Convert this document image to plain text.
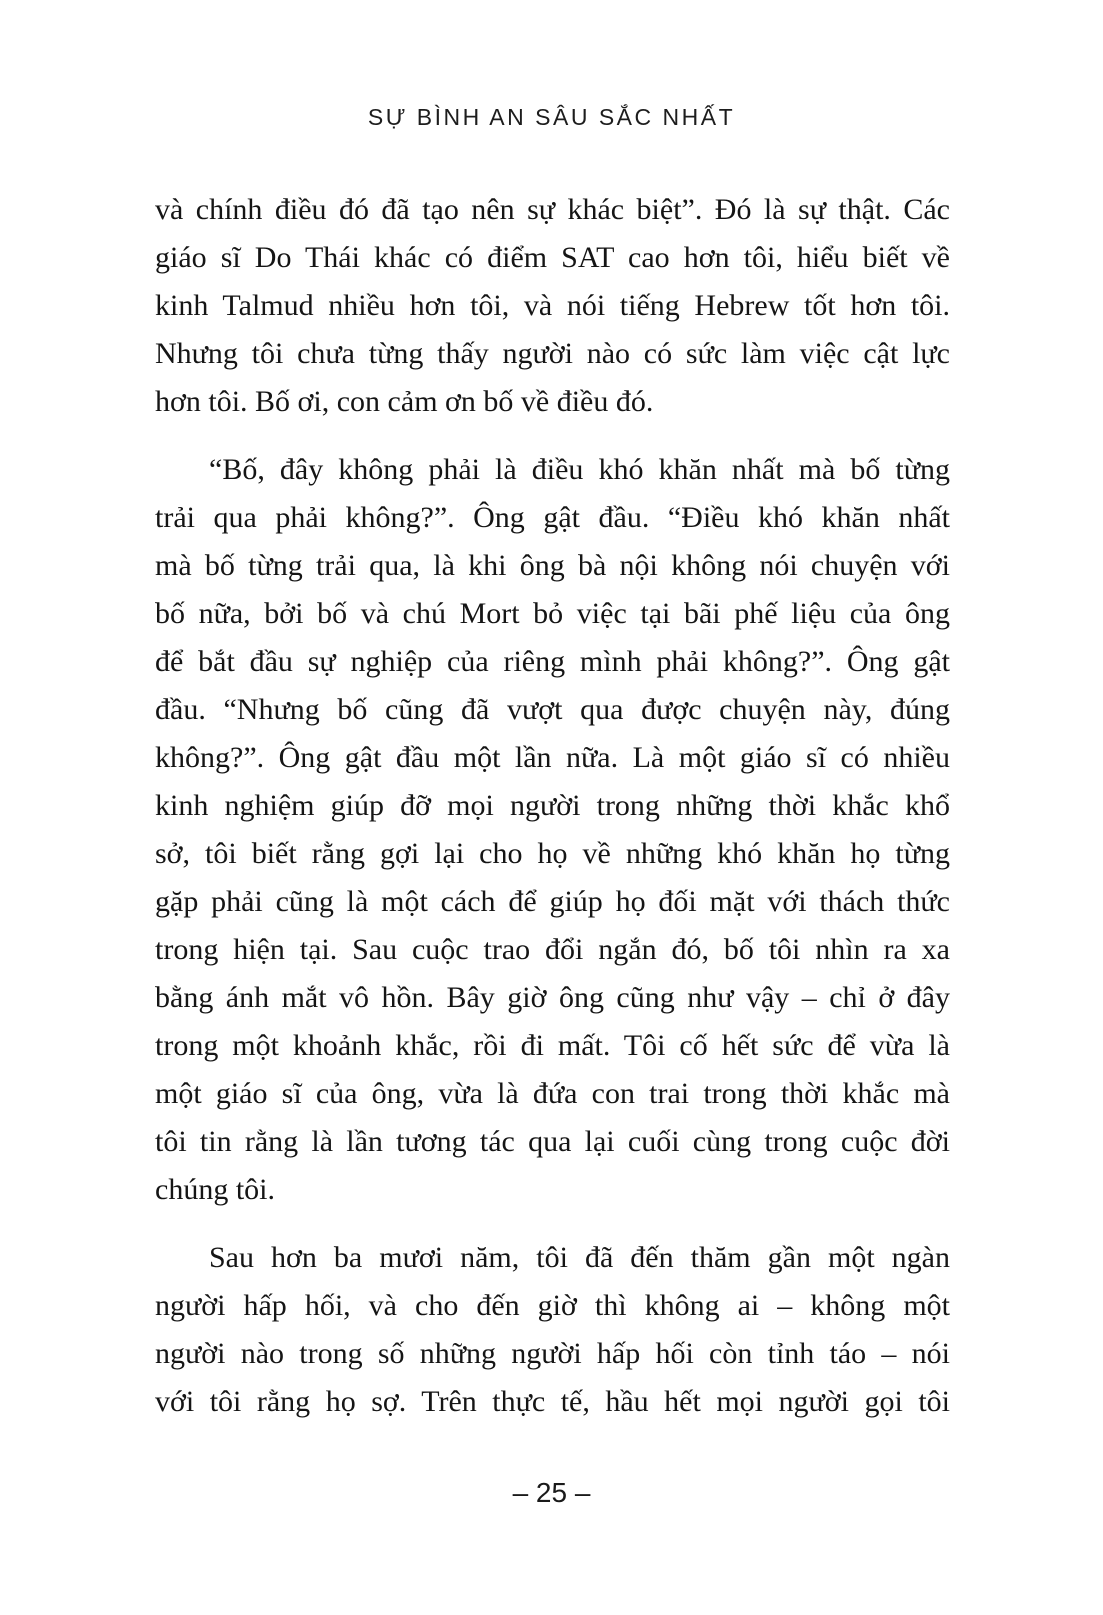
SỰ BÌNH AN SÂU SẮC NHẤT
và chính điều đó đã tạo nên sự khác biệt”. Đó là sự thật. Các
giáo sĩ Do Thái khác có điểm SAT cao hơn tôi, hiểu biết về
kinh Talmud nhiều hơn tôi, và nói tiếng Hebrew tốt hơn tôi.
Nhưng tôi chưa từng thấy người nào có sức làm việc cật lực
hơn tôi. Bố ơi, con cảm ơn bố về điều đó.
“Bố, đây không phải là điều khó khăn nhất mà bố từng
trải qua phải không?”. Ông gật đầu. “Điều khó khăn nhất
mà bố từng trải qua, là khi ông bà nội không nói chuyện với
bố nữa, bởi bố và chú Mort bỏ việc tại bãi phế liệu của ông
để bắt đầu sự nghiệp của riêng mình phải không?”. Ông gật
đầu. “Nhưng bố cũng đã vượt qua được chuyện này, đúng
không?”. Ông gật đầu một lần nữa. Là một giáo sĩ có nhiều
kinh nghiệm giúp đỡ mọi người trong những thời khắc khổ
sở, tôi biết rằng gợi lại cho họ về những khó khăn họ từng
gặp phải cũng là một cách để giúp họ đối mặt với thách thức
trong hiện tại. Sau cuộc trao đổi ngắn đó, bố tôi nhìn ra xa
bằng ánh mắt vô hồn. Bây giờ ông cũng như vậy – chỉ ở đây
trong một khoảnh khắc, rồi đi mất. Tôi cố hết sức để vừa là
một giáo sĩ của ông, vừa là đứa con trai trong thời khắc mà
tôi tin rằng là lần tương tác qua lại cuối cùng trong cuộc đời
chúng tôi.
Sau hơn ba mươi năm, tôi đã đến thăm gần một ngàn
người hấp hối, và cho đến giờ thì không ai – không một
người nào trong số những người hấp hối còn tỉnh táo – nói
với tôi rằng họ sợ. Trên thực tế, hầu hết mọi người gọi tôi
– 25 –
